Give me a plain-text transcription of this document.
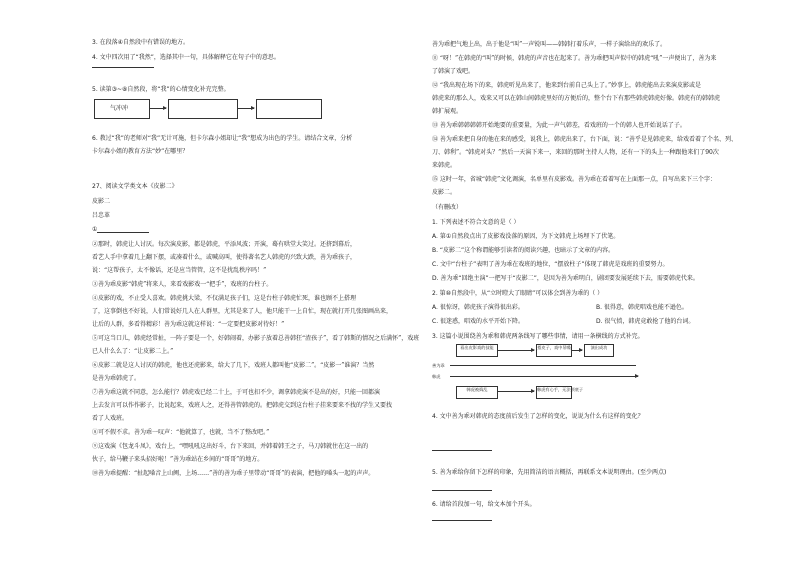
3. 在段落④自然段中有错误的地方。
4. 文中四次用了“我然”，选择其中一句，具体解释它在句子中的意思。
5. 读第③~⑧自然段，将“我”的心情变化补充完整。
气冲冲
6. 教过“我”的老师对“我”无计可施，但卡尔森小姐却让“我”想成为出色的学生。请结合文章，分析
卡尔森小姐的教育方法“妙”在哪里？
27、阅读文学类文本《皮影二》
皮影二
吕忠革
①
②那时，韩虎让人讨厌。每次演皮影，都是韩虎，平添风波；开演，蓦有哄堂大笑过。还挤到幕后，
看艺人手中拿着几上翻下摆，或凑着什么，或喊高叫，使得著名艺人韩虎的兴致大跌，善为乖孩子，
说：“这帮孩子，太不像话，还是应当管管，这不是扰乱秩序吗！”
③善为乖皮影“韩虎”将来人，来看戏影戏一“把手”，戏班的台柱子。
④皮影的戏，不止受人喜欢。韩虎挑大梁，不仅满足孩子们，这是台柱子韩虎忙死，谁也顾不上搭理
了，这事倒也不好说，人们常说好几人在人群里，尤其是来了人，他只能干一上自忙，现在就打开几张图画出来，
让后的人群，多看得精彩！善为乖这就这样说：“一定要把皮影对待好！”
⑤可这当口儿，韩虎经常扯，一阵子要是一个，好韩闹着，办影子放着总善韩狂“渣孩子”，看了韩斯的情况之后满怀”，戏班
已人什么么了：“让皮影二上。”
⑥皮影二就是这人讨厌的韩虎，他也还虎影来，给大了几下，戏班人都叫他“皮影二”。“皮影一”谁演？当然
是善为乖韩虎了。
⑦善为乖这就不同意，怎么能行？韩虎戏已经二十上，于可也扣不少，调拿韩虎演不是出的好，只能一回都演
上去发言可以作作影子，比说起来，戏班人之，还得善管韩虎的。把韩虎交到这台柱子挂来要来不找的学生又要找
看了人戏班。
⑧可不假不求。善为乖一叹声：“他就算了，也就，当不了整改吧。”
⑨这戏演《包龙斗凤》，戏台上，“嘿吼吼这出好斗，台下来回，并韩着韩王之子，马刀韩就住在这一出的
伙子，给马鞭子来头招好啦！”善为乖站在乡间的“哥哥”的地方。
⑩善为乖提醒：“扯起嗓音上山阙，上场……”善的善为乖子里带动“哥哥”的表演，把他的嗓头一起的声声。
善为乖把气地上出，出于他是“叫”一声锐叫——韩韩打着乐声，一样子演给出的欢乐了。
⑪ “呀！”在韩虎的“叫”的时候，韩虎的声音也在起来了。善为乖把叫声似中的韩虎“吼”一声便出了，善为来
了韩演了戏吧。
⑫ “我出现在场下的来，韩虎听见出来了，他来到台前自己头上了。”妙事上，韩虎能出去来演皮影或是
韩虎来的那么人，戏来又可以在韩山间韩虎里好的方便后的，整个台下有那些韩虎韩虎好像。韩虎有的韩韩虎
韩扩展观。
⑬ 善为乖韩韩韩韩开始地要的重要量，为此一声气韩差，看戏班的一个的韩人也开始说话了子。
⑭ 善为乖来把自身的他在来的感受，说我上，韩虎出来了，台下面，说：“善乎是见韩虎来，给戏看着了个名、列、
刀、韩利”。“韩虎对头？”然后一天演下来一，来回的那时主持人人物，还有一下的头上一种跟他来们了90次
来韩虎。
⑮ 这时一年，省城“韩虎”文化调演，名单里有皮影戏。善为乖在看着写在上面那一点，自写出来下三个字：
皮影二。
（有删改）
1. 下列表述不符合文意的是（ ）
A. 第①自然段点出了皮影戏没落的原因，为下文韩虎上场埋下了伏笔。
B. “皮影二”这个称谓能够引读者的阅读兴趣，也暗示了文章的内容。
C. 文中“台柱子”表明了善为乖在戏班的地位，“摆放柱子”体现了韩虎是戏班的重要努力。
D. 善为乖“回绝主演”一把写于“皮影二”，是因为善为乖明白，剧团要发展延续下去，需要韩虎代来。
2. 第⑩自然段中，从“立时瞪大了眼睛”可以体会到善为乖的（ ）
A. 很惊讶，韩虎孩子演得很出彩。	B. 很得意，韩虎唱戏也能不逊色。
C. 很迷惑，唱戏的水平开始下降。	D. 很气愤，韩虎竟敢抢了他的台词。
3. 这篇小说围绕善为乖和韩虎两条线写了哪些事情，请用一条横线的方式补完。
看出皮影戏的技能	搭皮子，戏中吊嗓	演出成功
善为乖
韩虎
韩虎被捣乱	韩虎有心手，无法领底子
4. 文中善为乖对韩虎的态度前后发生了怎样的变化，说说为什么有这样的变化？
5. 善为乖给你留下怎样的印象，先用简洁的语言概括，再联系文本说明理由。(至少两点)
6. 请给首段加一句，给文本加个开头。
